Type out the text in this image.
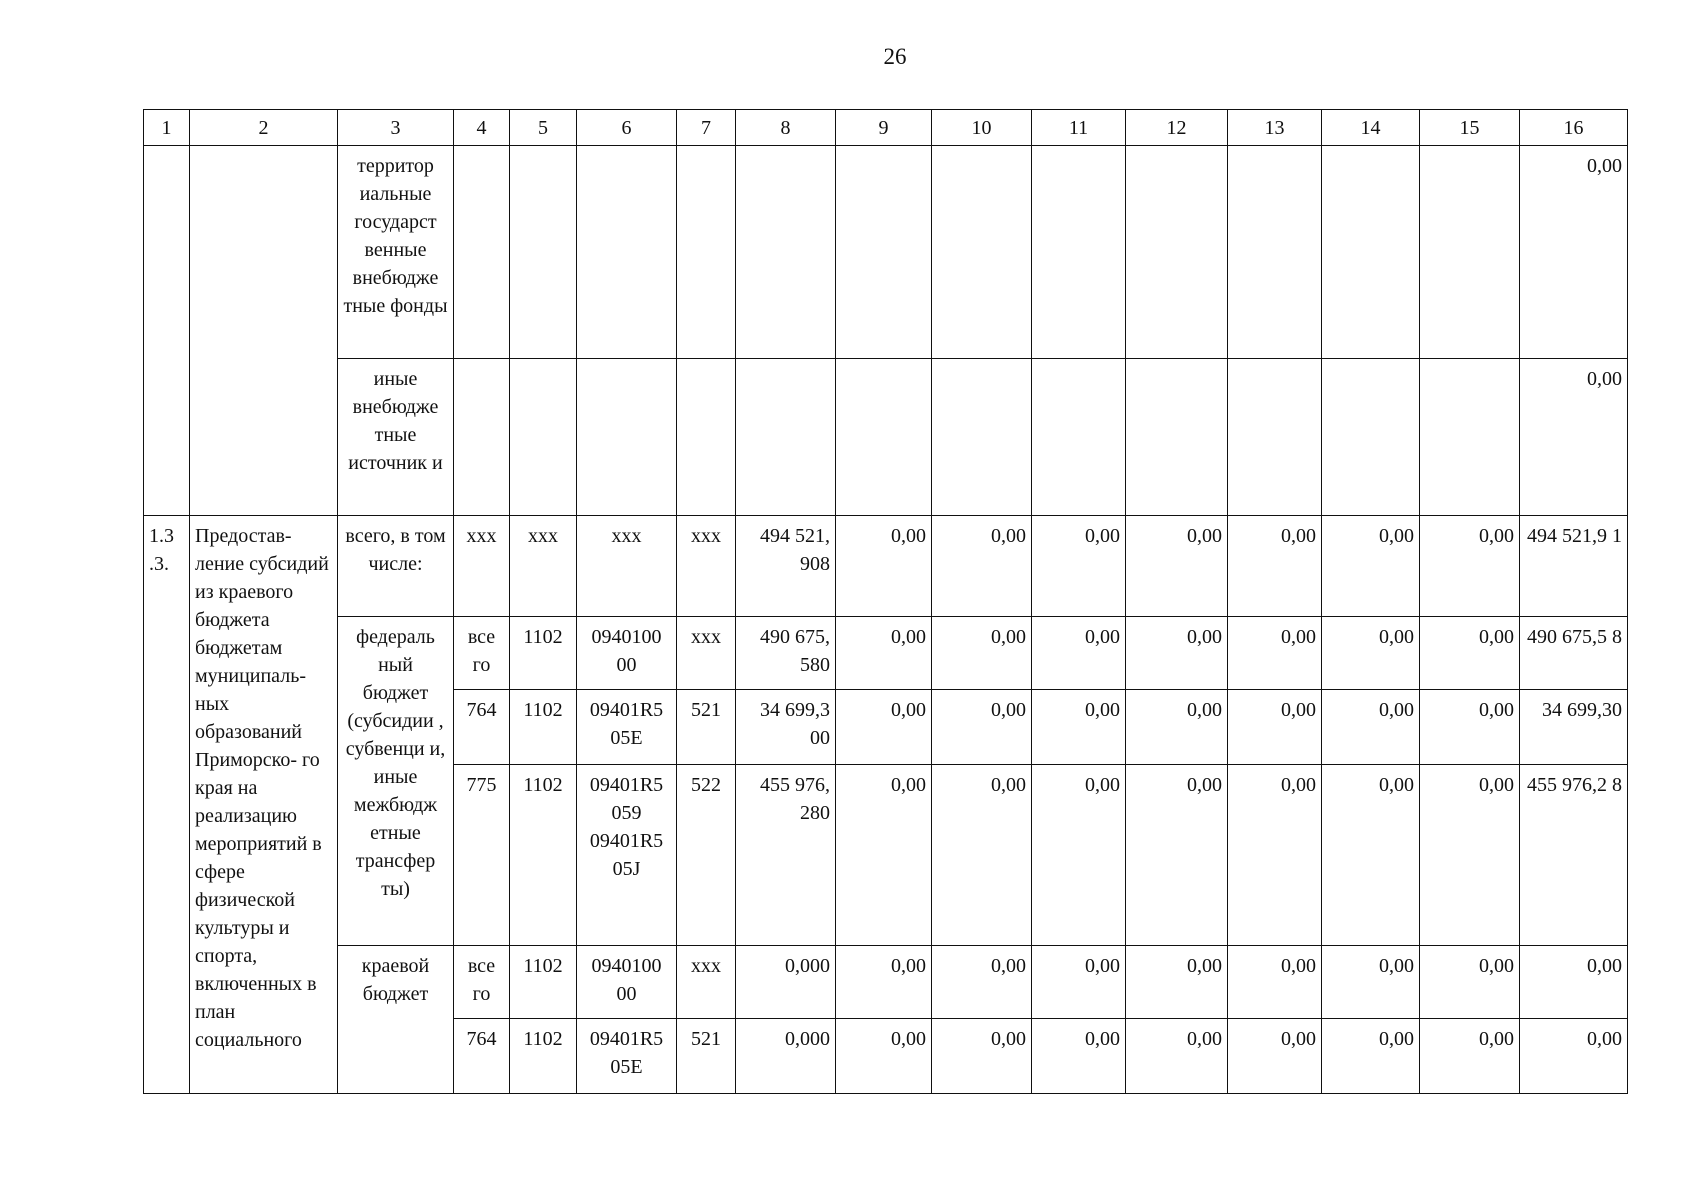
26
1	2	3	4	5	6	7	8	9	10	11	12	13	14	15	16
		территор иальные государст венные внебюдже тные фонды													0,00
		иные внебюдже тные источник и													0,00
1.3 .3.	Предостав- ление субсидий из краевого бюджета бюджетам муниципаль- ных образований Приморско- го края на реализацию мероприятий в сфере физической культуры и спорта, включенных в план социального	всего, в том числе:	ххх	ххх	ххх	ххх	494 521, 908	0,00	0,00	0,00	0,00	0,00	0,00	0,00	494 521,9 1
		федераль ный бюджет (субсидии , субвенци и, иные межбюдж етные трансфер ты)	все го	1102	0940100 00	ххх	490 675, 580	0,00	0,00	0,00	0,00	0,00	0,00	0,00	490 675,5 8
			764	1102	09401R5 05E	521	34 699,3 00	0,00	0,00	0,00	0,00	0,00	0,00	0,00	34 699,30
			775	1102	09401R5 059 09401R5 05J	522	455 976, 280	0,00	0,00	0,00	0,00	0,00	0,00	0,00	455 976,2 8
		краевой бюджет	все го	1102	0940100 00	ххх	0,000	0,00	0,00	0,00	0,00	0,00	0,00	0,00	0,00
			764	1102	09401R5 05E	521	0,000	0,00	0,00	0,00	0,00	0,00	0,00	0,00	0,00
